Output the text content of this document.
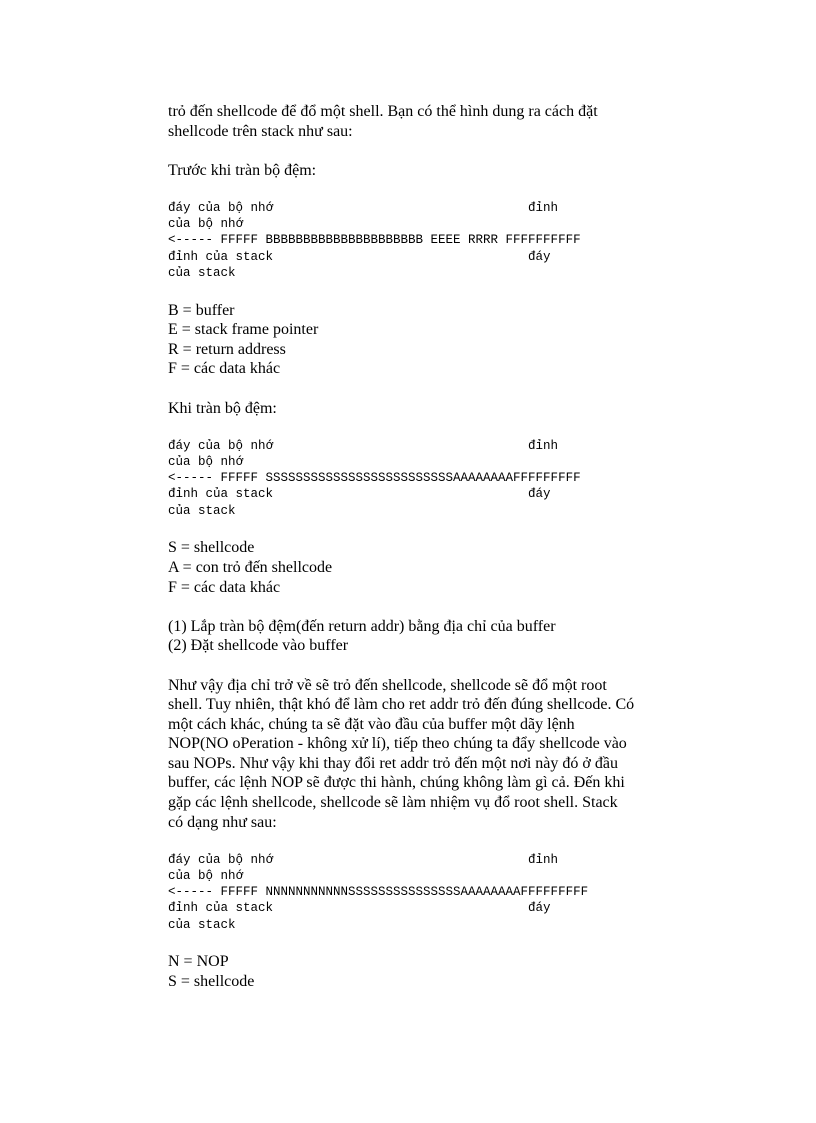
trỏ đến shellcode để đổ một shell. Bạn có thể hình dung ra cách đặt
shellcode trên stack như sau:

Trước khi tràn bộ đệm:

đáy của bộ nhớ                                  đỉnh
của bộ nhớ
<----- FFFFF BBBBBBBBBBBBBBBBBBBBB EEEE RRRR FFFFFFFFFF
đỉnh của stack                                  đáy
của stack

B = buffer
E = stack frame pointer
R = return address
F = các data khác

Khi tràn bộ đệm:

đáy của bộ nhớ                                  đỉnh
của bộ nhớ
<----- FFFFF SSSSSSSSSSSSSSSSSSSSSSSSSAAAAAAAAFFFFFFFFF
đỉnh của stack                                  đáy
của stack

S = shellcode
A = con trỏ đến shellcode
F = các data khác

(1) Lắp tràn bộ đệm(đến return addr) bằng địa chỉ của buffer
(2) Đặt shellcode vào buffer

Như vậy địa chỉ trở về sẽ trỏ đến shellcode, shellcode sẽ đổ một root
shell. Tuy nhiên, thật khó để làm cho ret addr trỏ đến đúng shellcode. Có
một cách khác, chúng ta sẽ đặt vào đầu của buffer một dãy lệnh
NOP(NO oPeration - không xử lí), tiếp theo chúng ta đẩy shellcode vào
sau NOPs. Như vậy khi thay đổi ret addr trỏ đến một nơi này đó ở đầu
buffer, các lệnh NOP sẽ được thi hành, chúng không làm gì cả. Đến khi
gặp các lệnh shellcode, shellcode sẽ làm nhiệm vụ đổ root shell. Stack
có dạng như sau:

đáy của bộ nhớ                                  đỉnh
của bộ nhớ
<----- FFFFF NNNNNNNNNNNSSSSSSSSSSSSSSSAAAAAAAAFFFFFFFFF
đỉnh của stack                                  đáy
của stack

N = NOP
S = shellcode
